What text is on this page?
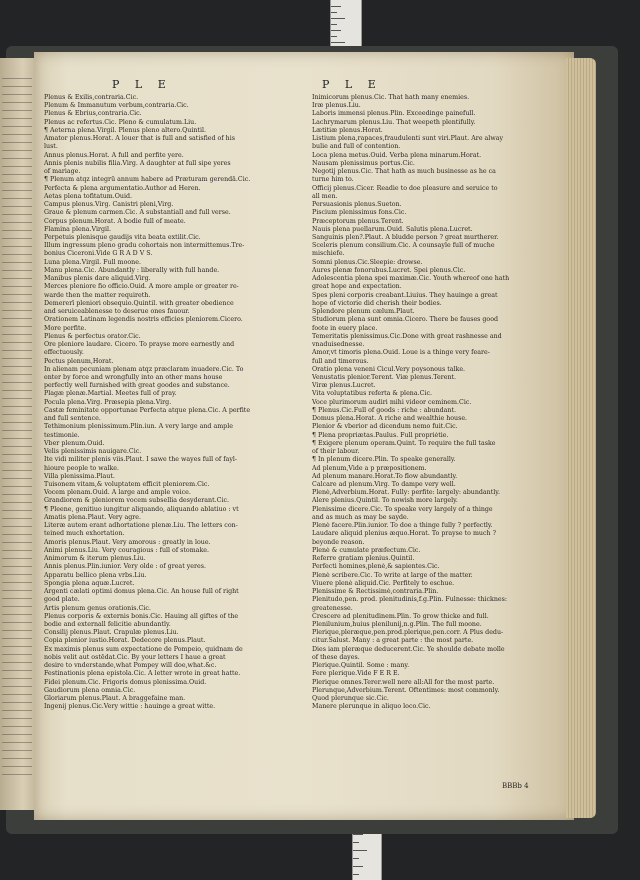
P L E	P L E
Plenus & Exilis,contraria.Cic.
Plenum & Immanutum verbum,contraria.Cic.
Plenus & Ebrius,contraria.Cic.
Plenus ac refertus.Cic. Pleno & cumulatum.Liu.
¶ Aeterna plena.Virgil. Plenus pleno altero.Quintil.
Amator plenus.Horat. A louer that is full and satisfied of his
lust.
Annus plenus.Horat. A full and perfite yere.
Annis plenis nubilis filia.Virg. A daughter at full sipe yeres
of mariage.
¶ Plenum atqz integrū annum habere ad Præturam gerendā.Cic.
Perfecta & plena argumentatio.Author ad Heren.
Aetas plena tofitatum.Ouid.
Campus plenus.Virg. Canistri pleni,Virg.
Graue & plenum carmen.Cic. A substantiall and full verse.
Corpus plenum.Horat. A bodie full of meate.
Flamina plena.Virgil.
Perpetuis plenisque gaudijs vita beata extilit.Cic.
Illum ingressum pleno gradu cohortais non intermittemus.Tre-
bonius Ciceroni.Vide G R A D V S.
Luna plena.Virgil. Full moone.
Manu plena.Cic. Abundantly : liberally with full hande.
Manibus plenis dare aliquid.Virg.
Merces pleniore fio officio.Ouid. A more ample or greater re-
warde then the matter requireth.
Demererī pleniori obsequio.Quintil. with greater obedience
and seruiceablenesse to deserue ones fauour.
Orationem Latinam legendis nostris efficies pleniorem.Cicero.
More perfite.
Plenus & perfectus orator.Cic.
Ore pleniore laudare. Cicero. To prayse more earnestly and
effectuously.
Pectus plenum,Horat.
In alienam pecuniam plenam atqz præclaram inuadere.Cic. To
enter by force and wrongfully into an other mans house
perfectly well furnished with great goodes and substance.
Plagæ plenæ.Martial. Meetes full of pray.
Pocula plena.Virg. Præsepia plena.Virg.
Castæ feminitate opportunae Perfecta atque plena.Cic. A perfite
and full sentence.
Tethimonium plenissimum.Plin.iun. A very large and ample
testimonie.
Vber plenum.Ouid.
Velis plenissimis nauigare.Cic.
Ite vidi militer plenis viis.Plaut. I sawe the wayes full of fayl-
hioure people to walke.
Villa plenissima.Plaut.
Tuisonem vitam,& voluptatem efficit pleniorem.Cic.
Vocem plenam.Ouid. A large and ample voice.
Grandiorem & pleniorem vocem subsellia desyderant.Cic.
¶ Pleene, genitiuo iungitur aliquando, aliquando ablatiuo : vt
Amatis plena.Plaut. Very agre.
Literæ autem erant adhortatione plenæ.Liu. The letters con-
teined much exhortation.
Amoris plenus.Plaut. Very amorous : greatly in loue.
Animi plenus.Liu. Very couragious : full of stomake.
Animorum & iterum plenus.Liu.
Annis plenus.Plin.iunior. Very olde : of great yeres.
Apparatu bellico plena vrbs.Liu.
Spongia plena aquæ.Lucret.
Argenti cælati optimi domus plena.Cic. An house full of right
good plate.
Artis plenum genus orationis.Cic.
Plenus corporis & externis bonis.Cic. Hauing all giftes of the
bodie and externall felicitie abundantly.
Consilij plenus.Plaut. Crapulæ plenus.Liu.
Copia plenior iustio.Horat. Dedecore plenus.Plaut.
Ex maximis plenus sum expectatione de Pompeio, quidnam de
nobis velit aut ostēdat.Cic. By your letters I haue a great
desire to vnderstande,what Pompey will doe,what.&c.
Festinationis plena epistola.Cic. A letter wrote in great hatte.
Fidei plenum.Cic. Frigoris domus plenissima.Ouid.
Gaudiorum plena omnia.Cic.
Gloriarum plenus.Plaut. A braggefaine man.
Ingenij plenus.Cic.Very wittie : hauinge a great witte.
Inimicorum plenus.Cic. That hath many enemies.
Iræ plenus.Liu.
Laboris immensi plenus.Plin. Exceedinge painefull.
Lachrymarum plenus.Liu. That weepeth plentifully.
Lætitiæ plenus.Horat.
Listium plena,rapaces,fraudulenti sunt viri.Plaut. Are alway
bulie and full of contention.
Loca plena metus.Ouid. Verba plena minarum.Horat.
Nausam plenissimus portus.Cic.
Negotij plenus.Cic. That hath as much businesse as he ca
turne him to.
Officij plenus.Cicer. Readie to doe pleasure and seruice to
all men.
Persuasionis plenus.Sueton.
Piscium plenissimus fons.Cic.
Præceptorum plenus.Terent.
Nauis plena puellarum.Ouid. Salutis plena.Lucret.
Sanguinis plen?.Plaut. A bludde person ? great murtherer.
Sceleris plenum consilium.Cic. A counsayle full of muche
mischiefe.
Somni plenus.Cic.Sleepie: drowse.
Aures plenæ fonorubus.Lucret. Spei plenus.Cic.
Adolescentia plena spei maximæ.Cic. Youth whereof one hath
great hope and expectation.
Spes pleni corporis creabant.Liuius. They hauinge a great
hope of victorie did cherish their bodies.
Splendore plenum cælum.Plaut.
Studiorum plena sunt omnia.Cicero. There be fauses good
foote in euery place.
Temeritatis plenissimus.Cic.Done with great rashnesse and
vnaduisednesse.
Amor,vt timoris plena.Ouid. Loue is a thinge very feare-
full and timerous.
Oratio plena veneni Cicul.Very poysonous talke.
Venustatis plenior.Terent. Viæ plenus.Terent.
Viræ plenus.Lucret.
Vita voluptatibus referta & plena.Cic.
Voce plurimorum audiri mihi videor ceminem.Cic.
¶ Plenus.Cic.Full of goods : riche : abundant.
Domus plena.Horat. A riche and wealthie house.
Plenior & vberior ad dicendum nemo fuit.Cic.
¶ Plena propriætas.Paulus. Full propriétie.
¶ Exigere plenum operam.Quint. To require the full taske
of their labour.
¶ In plenum dicere.Plin. To speake generally.
Ad plenum,Vide a p præpositionem.
Ad plenum manare.Horat.To flow abundantly.
Calcare ad plenum.Virg. To dampe very well.
Plenè,Adverbium.Horat. Fully: perfite: largely: abundantly.
Alere plenius.Quintil. To nowish more largely.
Plenissime dicere.Cic. To speake very largely of a thinge
and as much as may be sayde.
Plenè facere.Plin.iunior. To doe a thinge fully ? perfectly.
Laudare aliquid plenius æquo.Horat. To prayse to much ?
beyonde reason.
Plenè & cumulate præfectum.Cic.
Referre gratiam plenius.Quintil.
Perfecti homines,plenè,& sapientes.Cic.
Plenè scribere.Cic. To write at large of the matter.
Viuere plenè aliquid.Cic. Perfitely to eschue.
Plenissime & Rectissimè,contraria.Plin.
Plenitudo,pen. prod. plenitudinis,f.g.Plin. Fulnesse: thicknes:
greatenesse.
Crescere ad plenitudinem.Plin. To grow thicke and full.
Plenilunium,huius plenilunij,n.g.Plin. The full moone.
Plerique,pleræque,pen.prod.plerique,pen.corr. A Plus dedu-
citur.Salust. Many : a great parte : the most parte.
Dies iam pleræque deducerent.Cic. Ye shoulde debate molle
of these dayes.
Plerique.Quintil. Some : many.
Fere plerique.Vide F E R E.
Plerique omnes.Terer.well nere all:All for the most parte.
Plerunque,Adverbium.Terent. Oftentimes: most commonly.
Quod plerunque sic.Cic.
Manere plerunque in aliquo loco.Cic.
BBBb 4
